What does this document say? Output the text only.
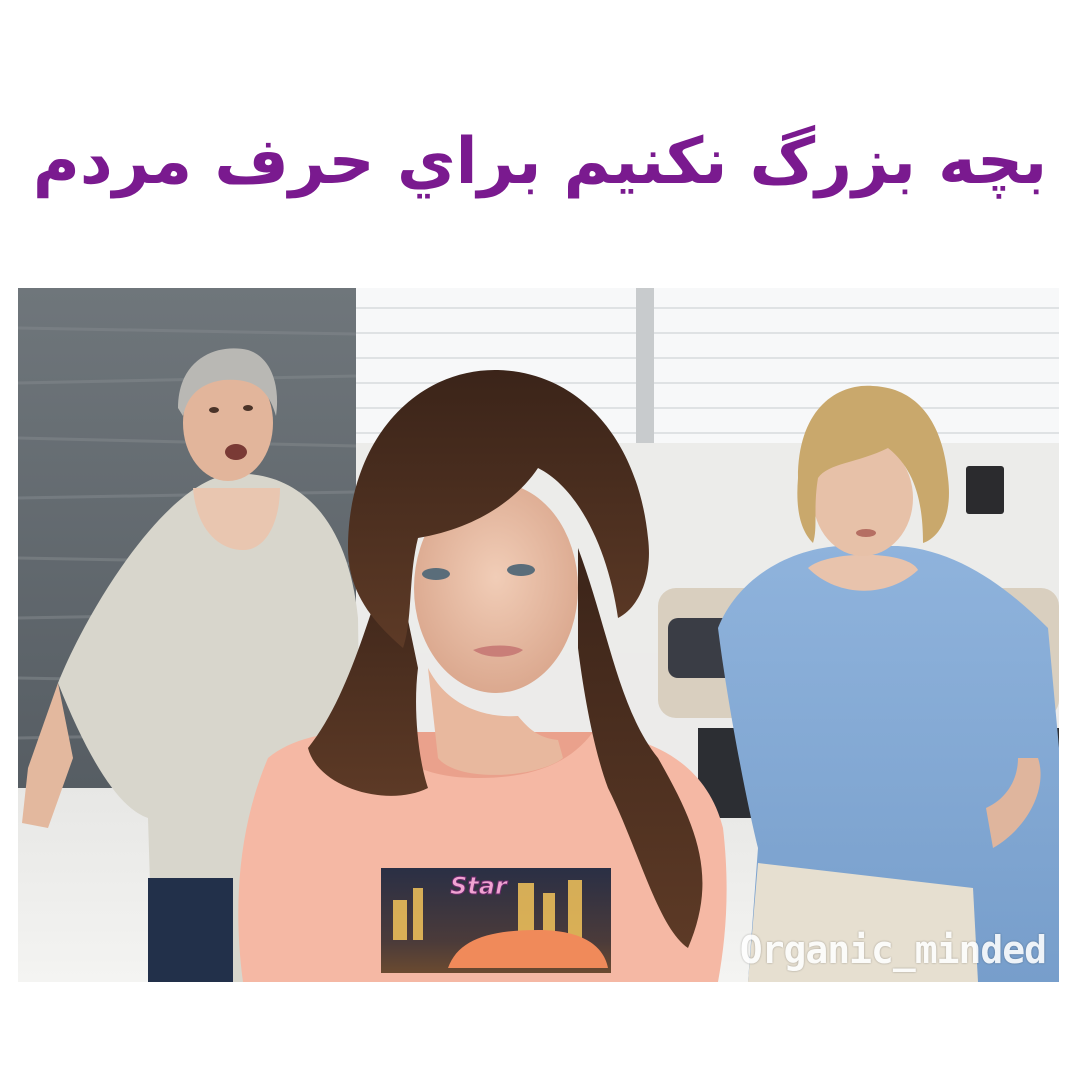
بچه بزرگ نكنيم براي حرف مردم
Star
Organic_minded
